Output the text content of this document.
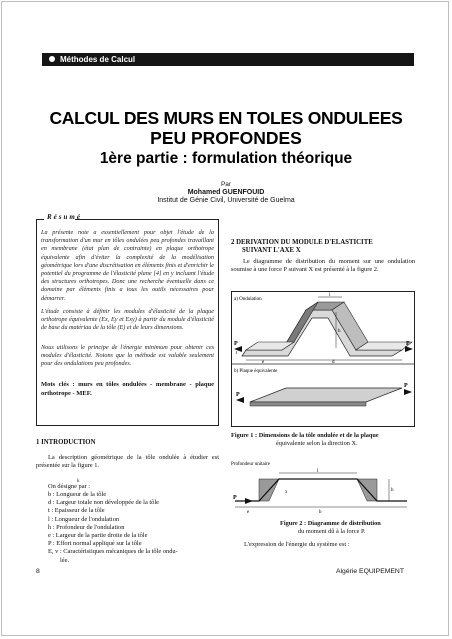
Méthodes de Calcul
CALCUL DES MURS EN TOLES ONDULEES
PEU PROFONDES
1ère partie : formulation théorique
Par
Mohamed GUENFOUID
Institut de Génie Civil, Université de Guelma
Résumé
La présente note a essentiellement pour objet l'étude de la transformation d'un mur en tôles ondulées peu profondes travaillant en membrane (état plan de contrainte) en plaque orthotrope équivalente afin d'éviter la complexité de la modélisation géométrique lors d'une discrétisation en éléments finis et d'enrichir le potentiel du programme de l'élasticité plane [4] en y incluant l'étude des structures orthotropes. Donc une recherche éventuelle dans ce domaine par éléments finis a tous les outils nécessaires pour démarrer.
L'étude consiste à définir les modules d'élasticité de la plaque orthotrope équivalente (Ex, Ey et Exy) à partir du module d'élasticité de base du matériau de la tôle (E) et de leurs dimensions.
Nous utilisons le principe de l'énergie minimum pour obtenir ces modules d'élasticité. Notons que la méthode est valable seulement pour des ondulations peu profondes.
Mots clés : murs en tôles ondulées - membrane - plaque orthotrope - MEF.
1 INTRODUCTION
La description géométrique de la tôle ondulée à étudier est présentée sur la figure 1.
k
On désigne par :
b : Longueur de la tôle
d : Largeur totale non développée de la tôle
t : Epaisseur de la tôle
l : Longueur de l'ondulation
h : Profondeur de l'ondulation
e : Largeur de la partie droite de la tôle
P : Effort normal appliqué sur la tôle
E, v : Caractéristiques mécaniques de la tôle ondu-
lée.
2 DERIVATION DU MODULE D'ELASTICITE
SUIVANT L'AXE X
Le diagramme de distribution du moment sur une ondulation soumise à une force P suivant X est présenté à la figure 2.
a) Ondulation
b) Plaque équivalente
l
h
t
d
e
P	P
P
P
Figure 1 : Dimensions de la tôle ondulée et de la plaque
équivalente selon la direction X.
Profondeur unitaire
l
h
x
P
e	b
Figure 2 : Diagramme de distribution
du moment dû à la force P.
L'expression de l'énergie du système est :
8	Algérie EQUIPEMENT
